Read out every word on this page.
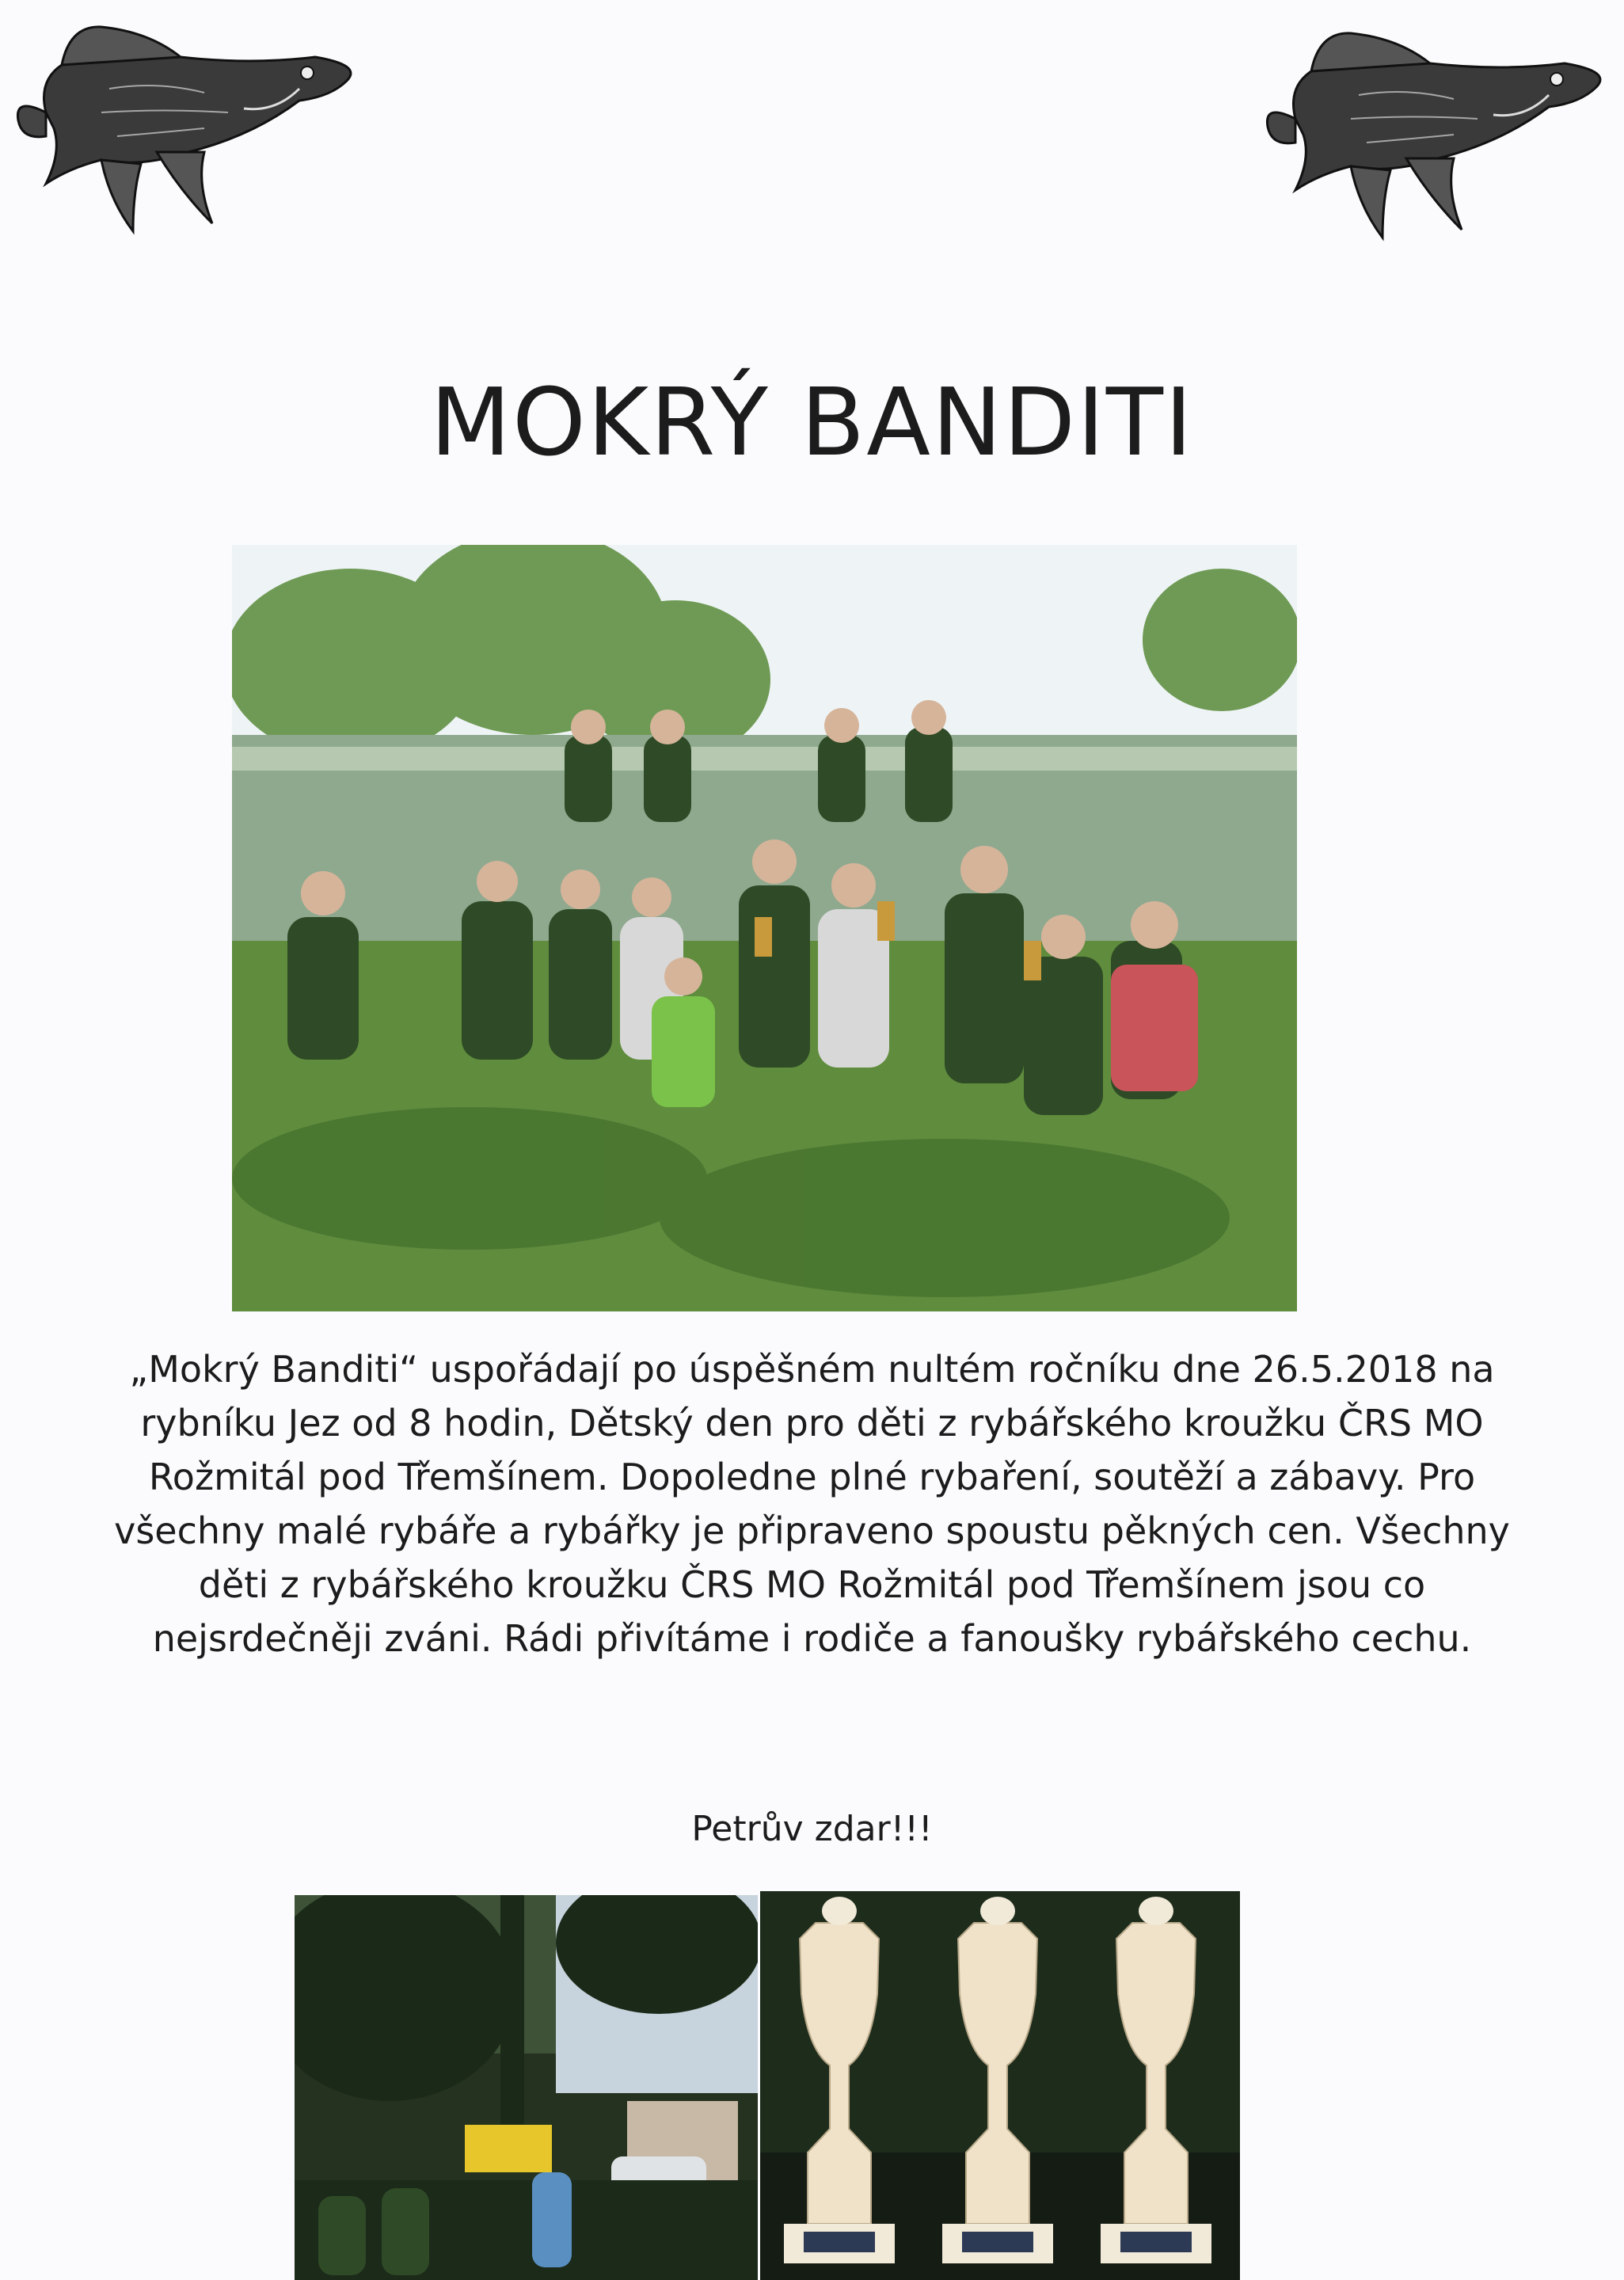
MOKRÝ BANDITI
„Mokrý Banditi“ uspořádají po úspěšném nultém ročníku dne 26.5.2018 na
rybníku Jez od 8 hodin, Dětský den pro děti z rybářského kroužku ČRS MO
Rožmitál pod Třemšínem. Dopoledne plné rybaření, soutěží a zábavy. Pro
všechny malé rybáře a rybářky je připraveno spoustu pěkných cen. Všechny
děti z rybářského kroužku ČRS MO Rožmitál pod Třemšínem jsou co
nejsrdečněji zváni. Rádi přivítáme i rodiče a fanoušky rybářského cechu.
Petrův zdar!!!
